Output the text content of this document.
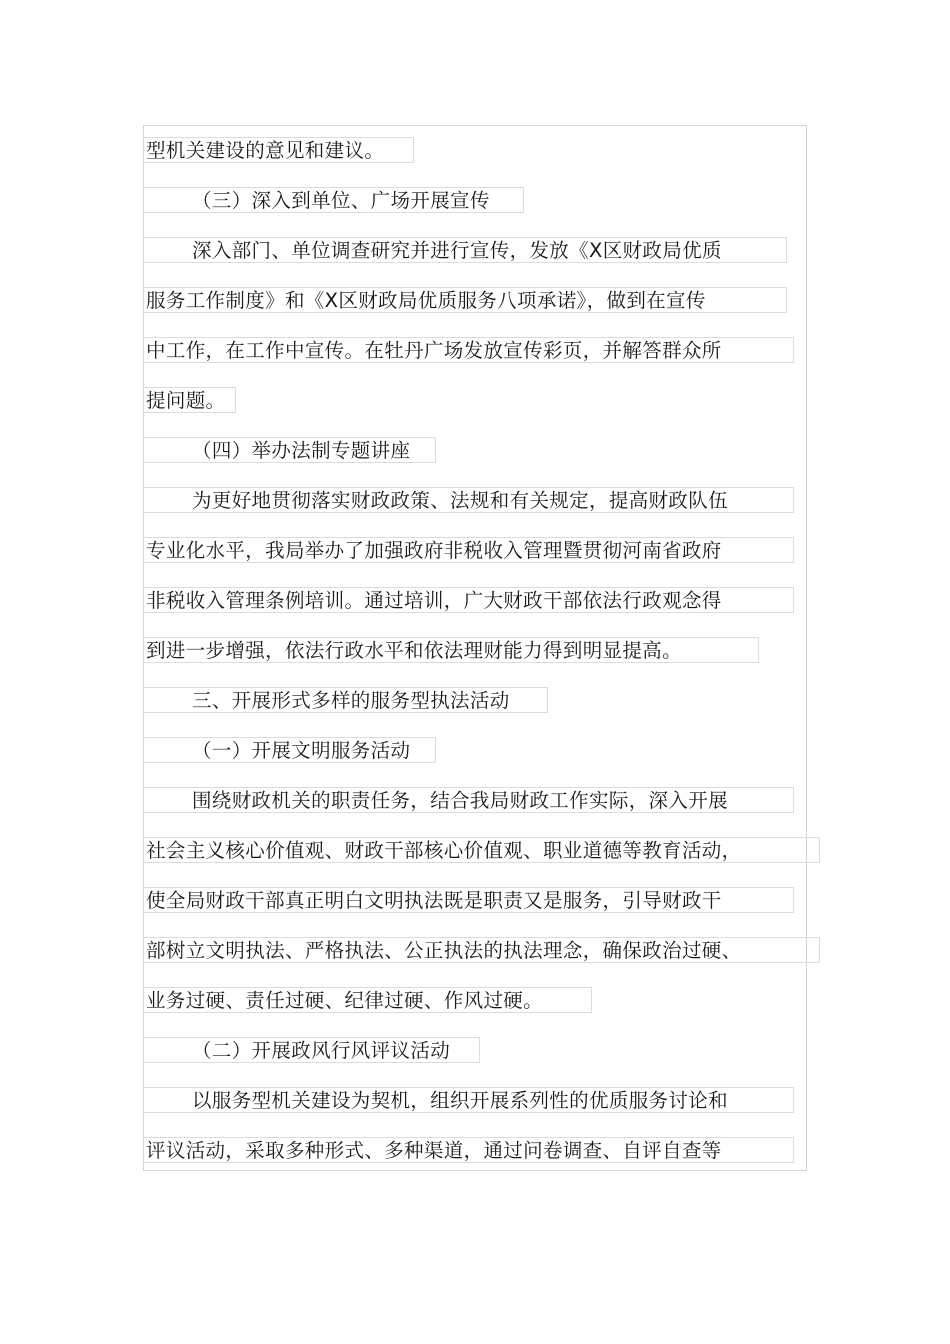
型机关建设的意见和建议。
（三）深入到单位、广场开展宣传
深入部门、单位调查研究并进行宣传，发放《X区财政局优质
服务工作制度》和《X区财政局优质服务八项承诺》，做到在宣传
中工作，在工作中宣传。在牡丹广场发放宣传彩页，并解答群众所
提问题。
（四）举办法制专题讲座
为更好地贯彻落实财政政策、法规和有关规定，提高财政队伍
专业化水平，我局举办了加强政府非税收入管理暨贯彻河南省政府
非税收入管理条例培训。通过培训，广大财政干部依法行政观念得
到进一步增强，依法行政水平和依法理财能力得到明显提高。
三、开展形式多样的服务型执法活动
（一）开展文明服务活动
围绕财政机关的职责任务，结合我局财政工作实际，深入开展
社会主义核心价值观、财政干部核心价值观、职业道德等教育活动，
使全局财政干部真正明白文明执法既是职责又是服务，引导财政干
部树立文明执法、严格执法、公正执法的执法理念，确保政治过硬、
业务过硬、责任过硬、纪律过硬、作风过硬。
（二）开展政风行风评议活动
以服务型机关建设为契机，组织开展系列性的优质服务讨论和
评议活动，采取多种形式、多种渠道，通过问卷调查、自评自查等
